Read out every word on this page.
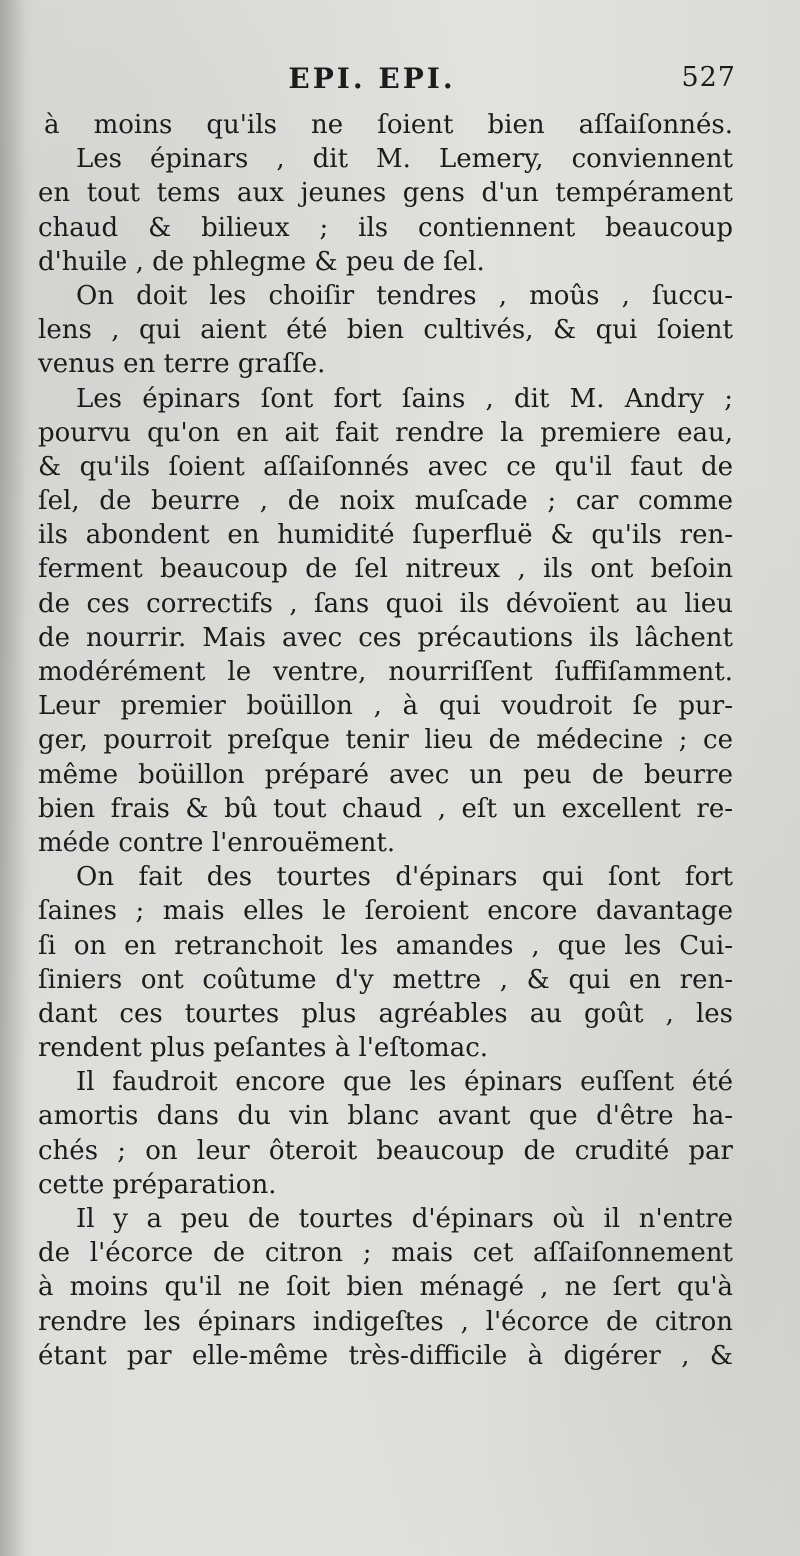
EPI. EPI.	527
à moins qu'ils ne ſoient bien aſſaiſonnés.
Les épinars , dit M. Lemery, conviennent
en tout tems aux jeunes gens d'un tempérament
chaud & bilieux ; ils contiennent beaucoup
d'huile , de phlegme & peu de ſel.
On doit les choiſir tendres , moûs , ſuccu-
lens , qui aient été bien cultivés, & qui ſoient
venus en terre graſſe.
Les épinars ſont fort ſains , dit M. Andry ;
pourvu qu'on en ait fait rendre la premiere eau,
& qu'ils ſoient aſſaiſonnés avec ce qu'il faut de
ſel, de beurre , de noix muſcade ; car comme
ils abondent en humidité ſuperfluë & qu'ils ren-
ferment beaucoup de ſel nitreux , ils ont beſoin
de ces correctifs , ſans quoi ils dévoïent au lieu
de nourrir. Mais avec ces précautions ils lâchent
modérément le ventre, nourriſſent ſuffiſamment.
Leur premier boüillon , à qui voudroit ſe pur-
ger, pourroit preſque tenir lieu de médecine ; ce
même boüillon préparé avec un peu de beurre
bien frais & bû tout chaud , eſt un excellent re-
méde contre l'enrouëment.
On fait des tourtes d'épinars qui ſont fort
ſaines ; mais elles le ſeroient encore davantage
ſi on en retranchoit les amandes , que les Cui-
ſiniers ont coûtume d'y mettre , & qui en ren-
dant ces tourtes plus agréables au goût , les
rendent plus peſantes à l'eſtomac.
Il faudroit encore que les épinars euſſent été
amortis dans du vin blanc avant que d'être ha-
chés ; on leur ôteroit beaucoup de crudité par
cette préparation.
Il y a peu de tourtes d'épinars où il n'entre
de l'écorce de citron ; mais cet aſſaiſonnement
à moins qu'il ne ſoit bien ménagé , ne ſert qu'à
rendre les épinars indigeſtes , l'écorce de citron
étant par elle-même très-difficile à digérer , &
